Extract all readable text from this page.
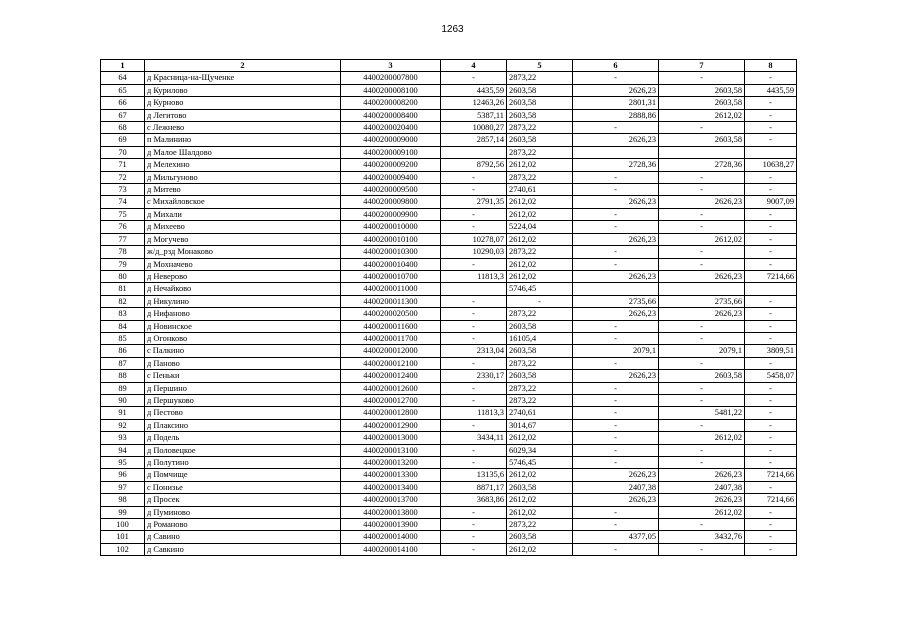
1263
1	2	3	4	5	6	7	8
64	д Красница-на-Щученке	4400200007800	-	2873,22	-	-	-
65	д Курилово	4400200008100	4435,59	2603,58	2626,23	2603,58	4435,59
66	д Курново	4400200008200	12463,26	2603,58	2801,31	2603,58	-
67	д Легитово	4400200008400	5387,11	2603,58	2888,86	2612,02	-
68	с Лежнево	4400200020400	10080,27	2873,22	-	-	-
69	п Малинино	4400200009000	2857,14	2603,58	2626,23	2603,58	-
70	д Малое Шалдово	4400200009100		2873,22			
71	д Мелехино	4400200009200	8792,56	2612,02	2728,36	2728,36	10638,27
72	д Мильгуново	4400200009400	-	2873,22	-	-	-
73	д Митево	4400200009500	-	2740,61	-	-	-
74	с Михайловское	4400200009800	2791,35	2612,02	2626,23	2626,23	9007,09
75	д Михали	4400200009900	-	2612,02	-	-	-
76	д Михеево	4400200010000	-	5224,04	-	-	-
77	д Могучево	4400200010100	10278,07	2612,02	2626,23	2612,02	-
78	ж/д_рзд Монаково	4400200010300	10290,03	2873,22	-	-	-
79	д Мохначево	4400200010400	-	2612,02	-	-	-
80	д Неверово	4400200010700	11813,3	2612,02	2626,23	2626,23	7214,66
81	д Нечайково	4400200011000		5746,45			
82	д Никулино	4400200011300	-	-	2735,66	2735,66	-
83	д Нифаново	4400200020500	-	2873,22	2626,23	2626,23	-
84	д Новинское	4400200011600	-	2603,58	-	-	-
85	д Огонково	4400200011700	-	16105,4	-	-	-
86	с Палкино	4400200012000	2313,04	2603,58	2079,1	2079,1	3809,51
87	д Паново	4400200012100	-	2873,22	-	-	-
88	с Пеньки	4400200012400	2330,17	2603,58	2626,23	2603,58	5458,07
89	д Першино	4400200012600	-	2873,22	-	-	-
90	д Першуково	4400200012700	-	2873,22	-	-	-
91	д Пестово	4400200012800	11813,3	2740,61	-	5481,22	-
92	д Плаксино	4400200012900	-	3014,67	-	-	-
93	д Подель	4400200013000	3434,11	2612,02	-	2612,02	-
94	д Половецкое	4400200013100	-	6029,34	-	-	-
95	д Полутино	4400200013200	-	5746,45	-	-	-
96	д Помчище	4400200013300	13135,6	2612,02	2626,23	2626,23	7214,66
97	с Понизье	4400200013400	8871,17	2603,58	2407,38	2407,38	-
98	д Просек	4400200013700	3683,86	2612,02	2626,23	2626,23	7214,66
99	д Пуминово	4400200013800	-	2612,02	-	2612,02	-
100	д Романово	4400200013900	-	2873,22	-	-	-
101	д Савино	4400200014000	-	2603,58	4377,05	3432,76	-
102	д Савкино	4400200014100	-	2612,02	-	-	-
